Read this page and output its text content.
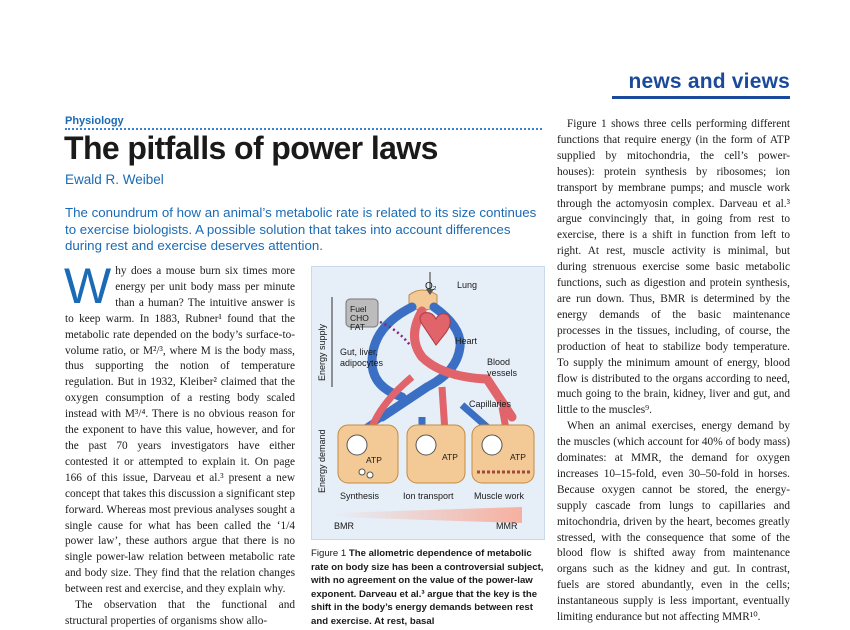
news and views
Physiology
The pitfalls of power laws
Ewald R. Weibel
The conundrum of how an animal’s metabolic rate is related to its size continues to exercise biologists. A possible solution that takes into account differences during rest and exercise deserves attention.

Why does a mouse burn six times more energy per unit body mass per minute than a human? The intuitive answer is to keep warm. In 1883, Rubner¹ found that the metabolic rate depended on the body’s surface-to-volume ratio, or M²/³, where M is the body mass, thus supporting the notion of temperature regulation. But in 1932, Kleiber² claimed that the oxygen consumption of a resting body scaled instead with M³/⁴. There is no obvious reason for the exponent to have this value, however, and for the past 70 years investigators have either contested it or attempted to explain it. On page 166 of this issue, Darveau et al.³ present a new concept that takes this discussion a significant step forward. Whereas most previous analyses sought a single cause for what has been called the ‘1/4 power law’, these authors argue that there is no single power-law relation between metabolic rate and body size. They find that the relation changes between rest and exercise, and they explain why.

The observation that the functional and structural properties of organisms show allo-

O₂ Lung
Heart
Blood
vessels
Capillaries
Fuel
CHO
FAT
Gut, liver,
adipocytes
Energy supply
Energy demand	ATP	ATP	ATP
Synthesis	Ion transport Muscle work
BMR	MMR
Figure 1 The allometric dependence of metabolic rate on body size has been a controversial subject, with no agreement on the value of the power-law exponent. Darveau et al.³ argue that the key is the shift in the body’s energy demands between rest and exercise. At rest, basal

Figure 1 shows three cells performing different functions that require energy (in the form of ATP supplied by mitochondria, the cell’s power-houses): protein synthesis by ribosomes; ion transport by membrane pumps; and muscle work through the actomyosin complex. Darveau et al.³ argue convincingly that, in going from rest to exercise, there is a shift in function from left to right. At rest, muscle activity is minimal, but during strenuous exercise some basic metabolic functions, such as digestion and protein synthesis, are run down. Thus, BMR is determined by the energy demands of the basic maintenance processes in the tissues, including, of course, the production of heat to stabilize body temperature. To supply the minimum amount of energy, blood flow is distributed to the organs according to need, much going to the brain, kidney, liver and gut, and little to the muscles⁹.

When an animal exercises, energy demand by the muscles (which account for 40% of body mass) dominates: at MMR, the demand for oxygen increases 10–15-fold, even 30–50-fold in horses. Because oxygen cannot be stored, the energy-supply cascade from lungs to capillaries and mitochondria, driven by the heart, becomes greatly stressed, with the consequence that some of the blood flow is shifted away from maintenance organs such as the kidney and gut. In contrast, fuels are stored abundantly, even in the cells; instantaneous supply is less important, eventually limiting endurance but not affecting MMR¹⁰.
